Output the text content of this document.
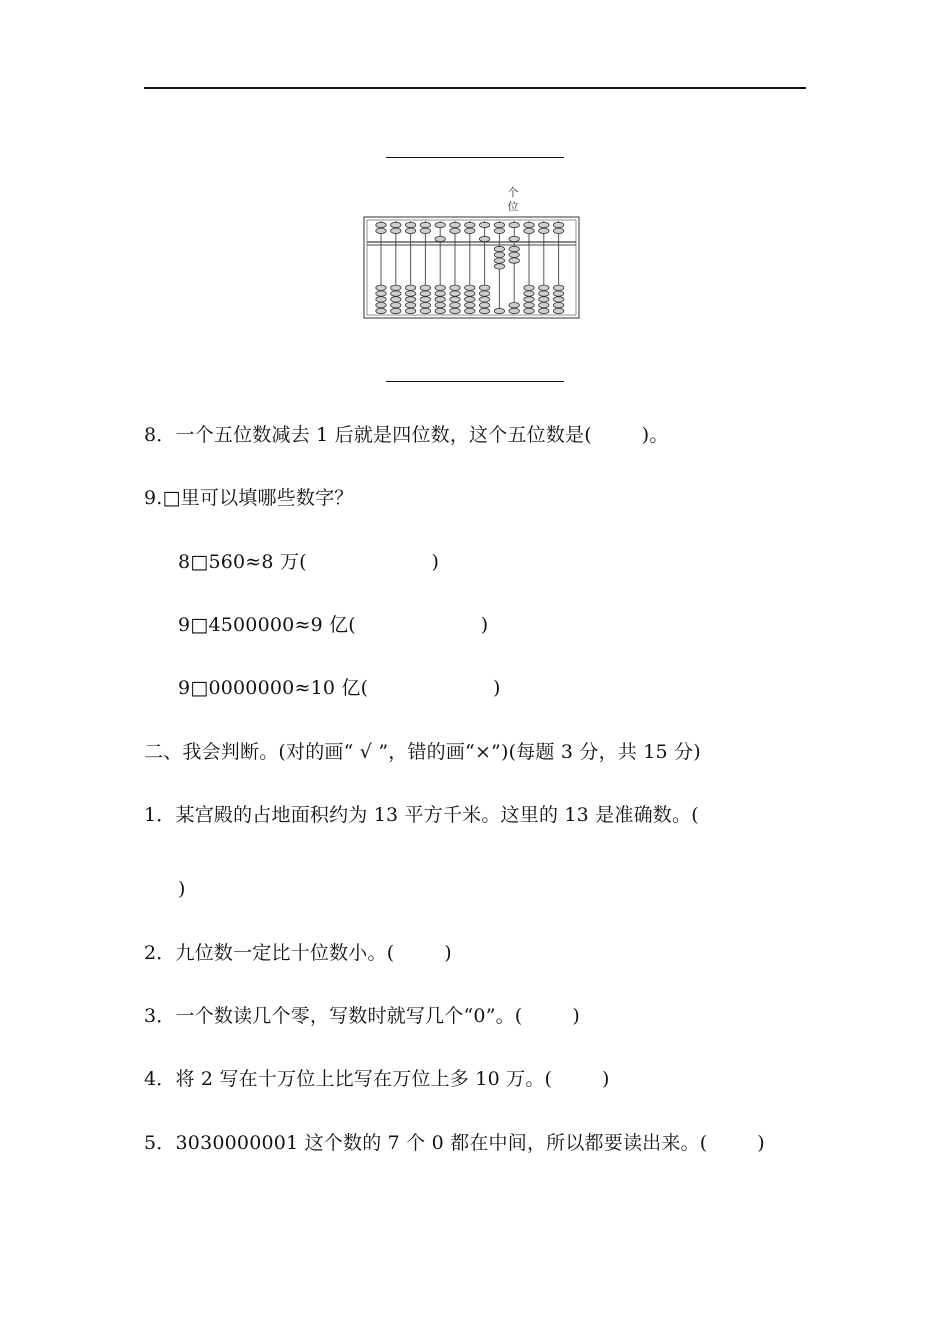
个
位
8．一个五位数减去 1 后就是四位数，这个五位数是(        )。
9.□里可以填哪些数字？
8□560≈8 万(                    )
9□4500000≈9 亿(                    )
9□0000000≈10 亿(                    )
二、我会判断。(对的画“ √ ”，错的画“×”)(每题 3 分，共 15 分)
1．某宫殿的占地面积约为 13 平方千米。这里的 13 是准确数。(
)
2．九位数一定比十位数小。(        )
3．一个数读几个零，写数时就写几个“0”。(        )
4．将 2 写在十万位上比写在万位上多 10 万。(        )
5．3030000001 这个数的 7 个 0 都在中间，所以都要读出来。(        )
